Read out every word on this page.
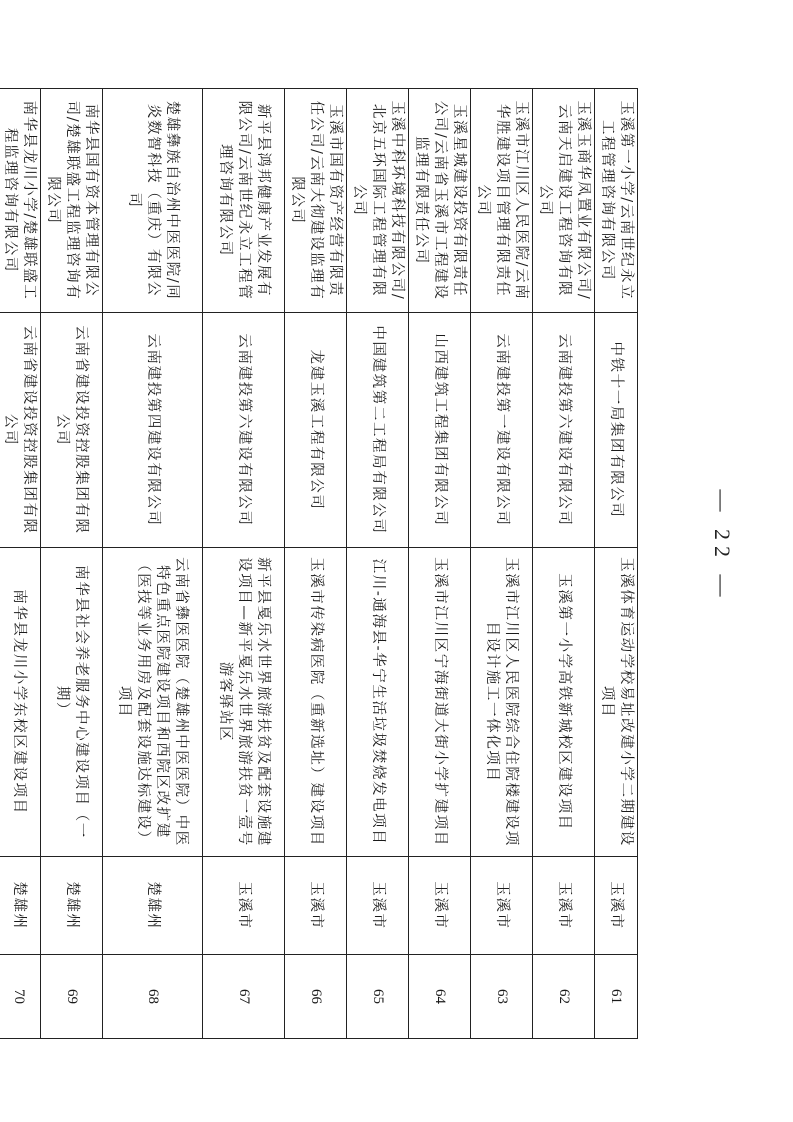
玉溪第一小学/云南世纪永立工程管理咨询有限公司	中铁十一局集团有限公司	玉溪体育运动学校易址改建小学二期建设项目	玉溪市	61
玉溪玉商华凤置业有限公司/云南天启建设工程咨询有限公司	云南建投第六建设有限公司	玉溪第一小学高铁新城校区建设项目	玉溪市	62
玉溪市江川区人民医院/云南华胜建设项目管理有限责任公司	云南建投第一建设有限公司	玉溪市江川区人民医院综合住院楼建设项目设计施工一体化项目	玉溪市	63
玉溪星城建设投资有限责任公司/云南省玉溪市工程建设监理有限责任公司	山西建筑工程集团有限公司	玉溪市江川区宁海街道大街小学扩建项目	玉溪市	64
玉溪中科环境科技有限公司/北京五环国际工程管理有限公司	中国建筑第二工程局有限公司	江川-通海县-华宁生活垃圾焚烧发电项目	玉溪市	65
玉溪市国有资产经营有限责任公司/云南大彻建设监理有限公司	龙建玉溪工程有限公司	玉溪市传染病医院（重新选址）建设项目	玉溪市	66
新平县鸿邦健康产业发展有限公司/云南世纪永立工程管理咨询有限公司	云南建投第六建设有限公司	新平县戛乐水世界旅游扶贫及配套设施建设项目—新平戛乐水世界旅游扶贫一壹号游客驿站区	玉溪市	67
楚雄彝族自治州中医医院/同炎数智科技（重庆）有限公司	云南建投第四建设有限公司	云南省彝医医院（楚雄州中医医院）中医特色重点医院建设项目和西院区改扩建（医技等业务用房及配套设施达标建设）项目	楚雄州	68
南华县国有资本管理有限公司/楚雄联盛工程监理咨询有限公司	云南省建设投资控股集团有限公司	南华县社会养老服务中心建设项目（一期）	楚雄州	69
南华县龙川小学/楚雄联盛工程监理咨询有限公司	云南省建设投资控股集团有限公司	南华县龙川小学东校区建设项目	楚雄州	70
— 22 —
